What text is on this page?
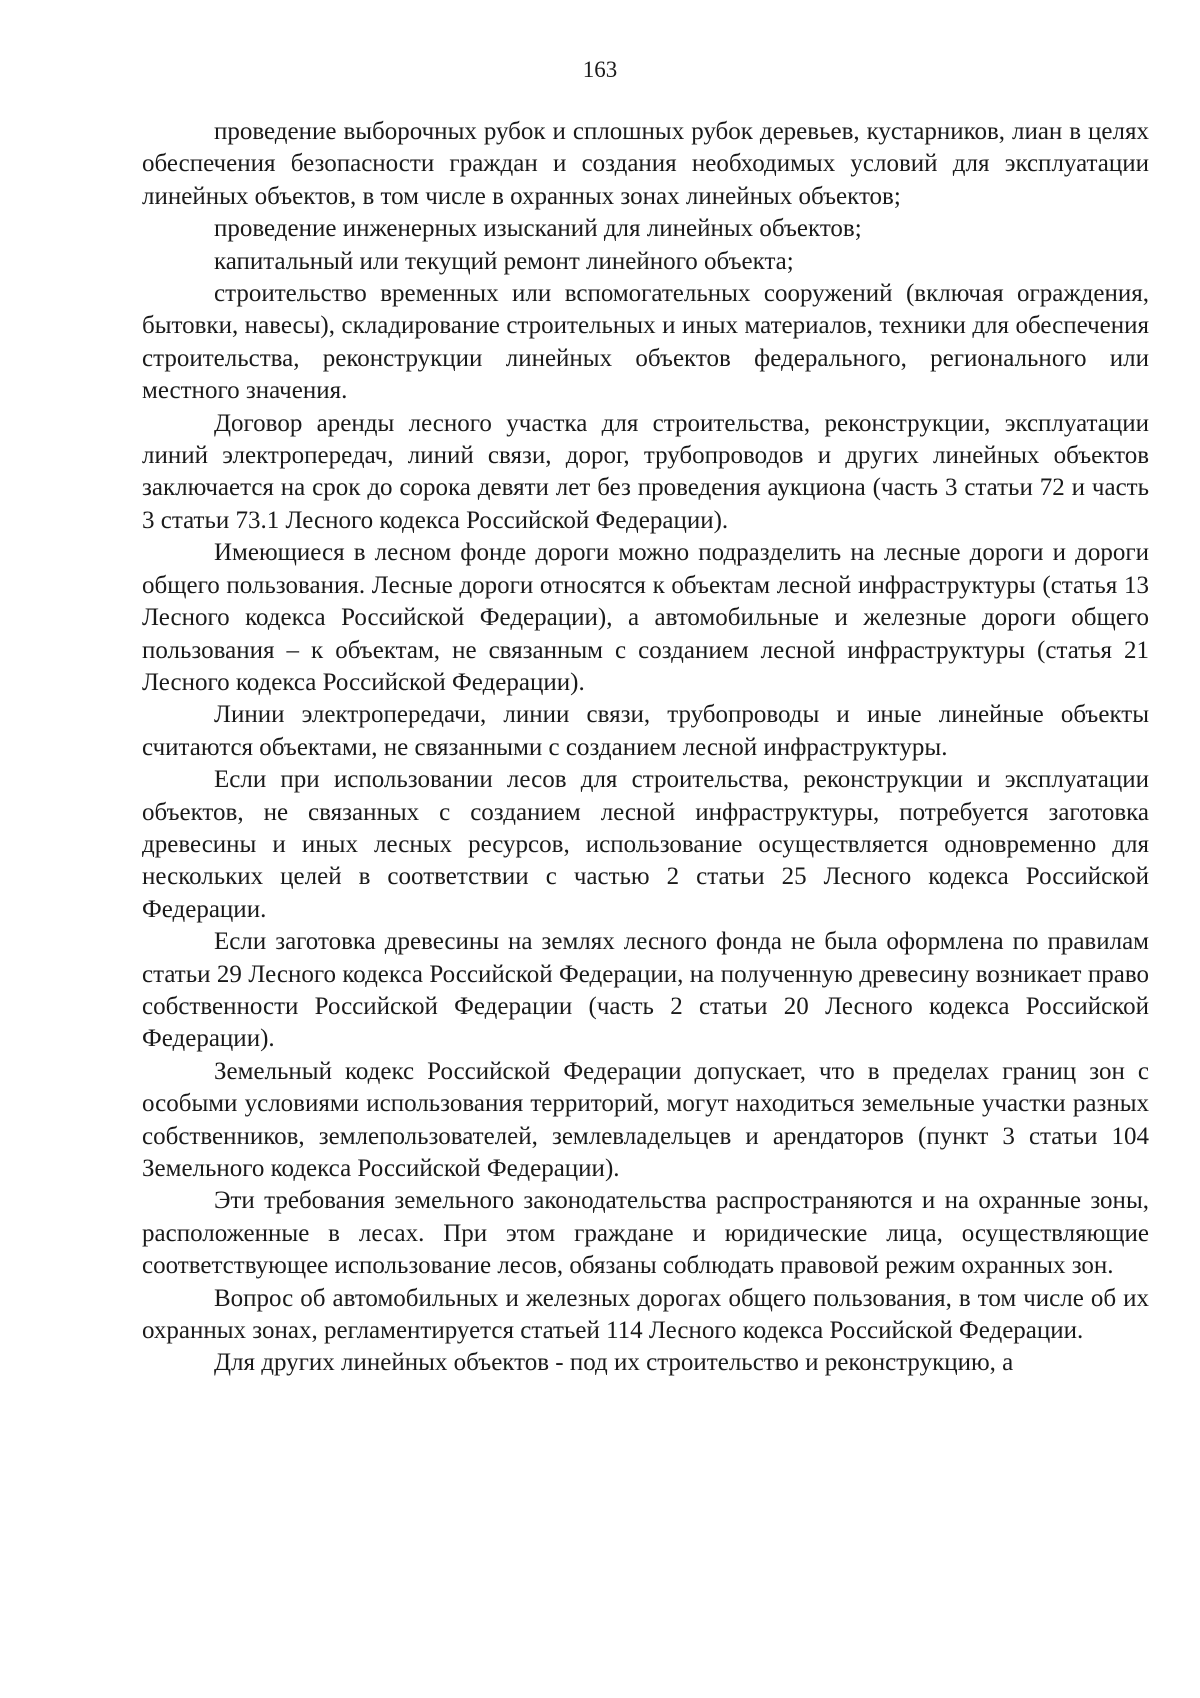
163

проведение выборочных рубок и сплошных рубок деревьев, кустарников, лиан в целях обеспечения безопасности граждан и создания необходимых условий для эксплуатации линейных объектов, в том числе в охранных зонах линейных объектов;

проведение инженерных изысканий для линейных объектов;

капитальный или текущий ремонт линейного объекта;

строительство временных или вспомогательных сооружений (включая ограждения, бытовки, навесы), складирование строительных и иных материалов, техники для обеспечения строительства, реконструкции линейных объектов федерального, регионального или местного значения.

Договор аренды лесного участка для строительства, реконструкции, эксплуатации линий электропередач, линий связи, дорог, трубопроводов и других линейных объектов заключается на срок до сорока девяти лет без проведения аукциона (часть 3 статьи 72 и часть 3 статьи 73.1 Лесного кодекса Российской Федерации).

Имеющиеся в лесном фонде дороги можно подразделить на лесные дороги и дороги общего пользования. Лесные дороги относятся к объектам лесной инфраструктуры (статья 13 Лесного кодекса Российской Федерации), а автомобильные и железные дороги общего пользования – к объектам, не связанным с созданием лесной инфраструктуры (статья 21 Лесного кодекса Российской Федерации).

Линии электропередачи, линии связи, трубопроводы и иные линейные объекты считаются объектами, не связанными с созданием лесной инфраструктуры.

Если при использовании лесов для строительства, реконструкции и эксплуатации объектов, не связанных с созданием лесной инфраструктуры, потребуется заготовка древесины и иных лесных ресурсов, использование осуществляется одновременно для нескольких целей в соответствии с частью 2 статьи 25 Лесного кодекса Российской Федерации.

Если заготовка древесины на землях лесного фонда не была оформлена по правилам статьи 29 Лесного кодекса Российской Федерации, на полученную древесину возникает право собственности Российской Федерации (часть 2 статьи 20 Лесного кодекса Российской Федерации).

Земельный кодекс Российской Федерации допускает, что в пределах границ зон с особыми условиями использования территорий, могут находиться земельные участки разных собственников, землепользователей, землевладельцев и арендаторов (пункт 3 статьи 104 Земельного кодекса Российской Федерации).

Эти требования земельного законодательства распространяются и на охранные зоны, расположенные в лесах. При этом граждане и юридические лица, осуществляющие соответствующее использование лесов, обязаны соблюдать правовой режим охранных зон.

Вопрос об автомобильных и железных дорогах общего пользования, в том числе об их охранных зонах, регламентируется статьей 114 Лесного кодекса Российской Федерации.

Для других линейных объектов - под их строительство и реконструкцию, а
